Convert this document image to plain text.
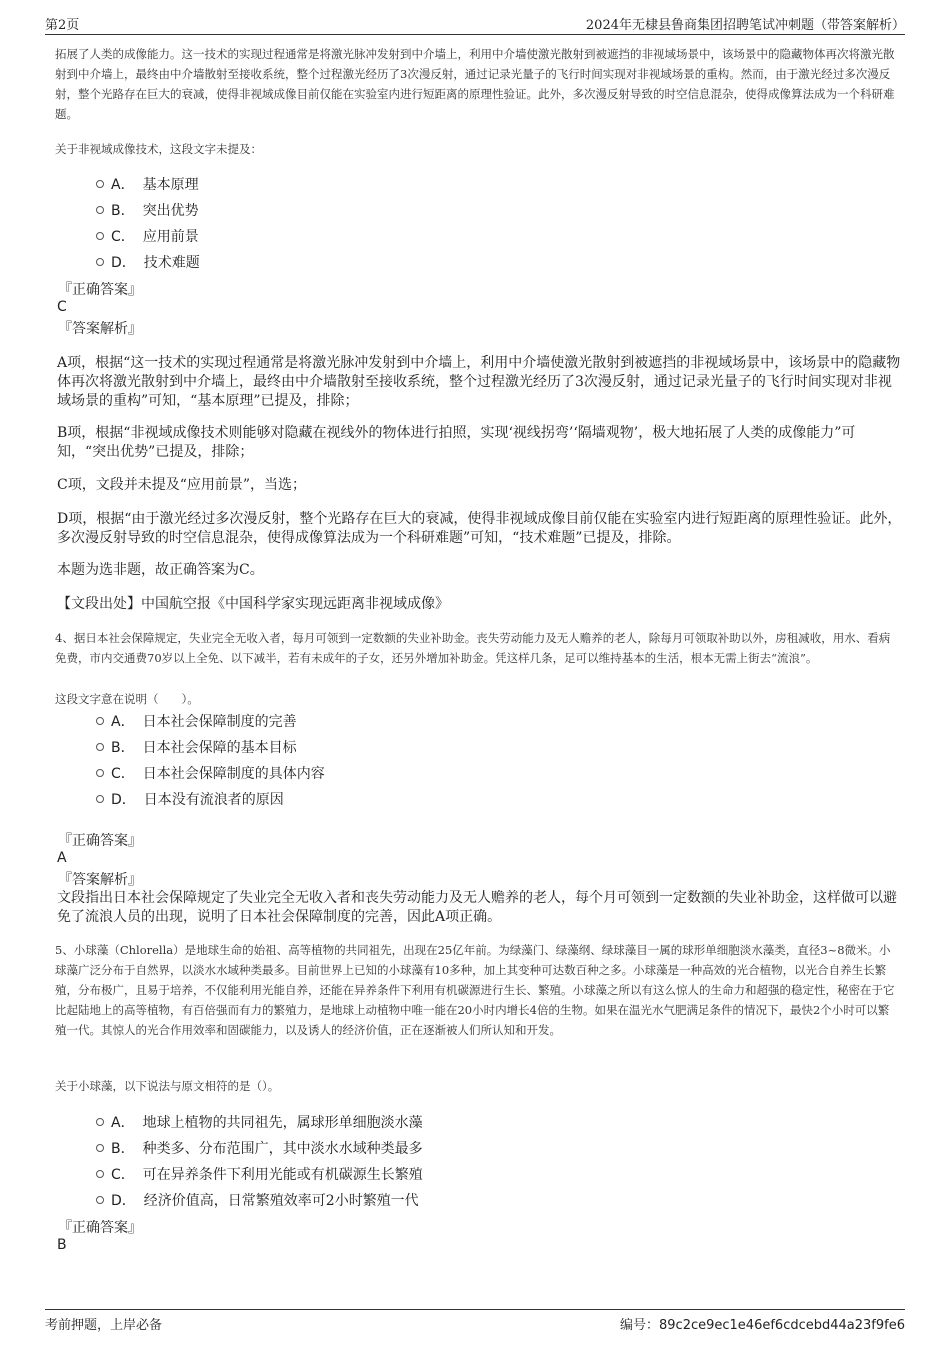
第2页	2024年无棣县鲁商集团招聘笔试冲刺题（带答案解析）
拓展了人类的成像能力。这一技术的实现过程通常是将激光脉冲发射到中介墙上，利用中介墙使激光散射到被遮挡的非视域场景中，该场景中的隐藏物体再次将激光散射到中介墙上，最终由中介墙散射至接收系统，整个过程激光经历了3次漫反射，通过记录光量子的飞行时间实现对非视域场景的重构。然而，由于激光经过多次漫反射，整个光路存在巨大的衰减，使得非视域成像目前仅能在实验室内进行短距离的原理性验证。此外，多次漫反射导致的时空信息混杂，使得成像算法成为一个科研难题。
关于非视域成像技术，这段文字未提及：
A． 基本原理
B． 突出优势
C． 应用前景
D． 技术难题
『正确答案』
C
『答案解析』
A项，根据“这一技术的实现过程通常是将激光脉冲发射到中介墙上，利用中介墙使激光散射到被遮挡的非视域场景中，该场景中的隐藏物体再次将激光散射到中介墙上，最终由中介墙散射至接收系统，整个过程激光经历了3次漫反射，通过记录光量子的飞行时间实现对非视域场景的重构”可知，“基本原理”已提及，排除；
B项，根据“非视域成像技术则能够对隐藏在视线外的物体进行拍照，实现‘视线拐弯’‘隔墙观物’，极大地拓展了人类的成像能力”可知，“突出优势”已提及，排除；
C项，文段并未提及“应用前景”，当选；
D项，根据“由于激光经过多次漫反射，整个光路存在巨大的衰减，使得非视域成像目前仅能在实验室内进行短距离的原理性验证。此外，多次漫反射导致的时空信息混杂，使得成像算法成为一个科研难题”可知，“技术难题”已提及，排除。
本题为选非题，故正确答案为C。
【文段出处】中国航空报《中国科学家实现远距离非视域成像》
4、据日本社会保障规定，失业完全无收入者，每月可领到一定数额的失业补助金。丧失劳动能力及无人赡养的老人，除每月可领取补助以外，房租减收，用水、看病免费，市内交通费70岁以上全免、以下减半，若有未成年的子女，还另外增加补助金。凭这样几条，足可以维持基本的生活，根本无需上街去“流浪”。
这段文字意在说明（　　）。
A． 日本社会保障制度的完善
B． 日本社会保障的基本目标
C． 日本社会保障制度的具体内容
D． 日本没有流浪者的原因
『正确答案』
A
『答案解析』
文段指出日本社会保障规定了失业完全无收入者和丧失劳动能力及无人赡养的老人，每个月可领到一定数额的失业补助金，这样做可以避免了流浪人员的出现，说明了日本社会保障制度的完善，因此A项正确。
5、小球藻（Chlorella）是地球生命的始祖、高等植物的共同祖先，出现在25亿年前。为绿藻门、绿藻纲、绿球藻目一属的球形单细胞淡水藻类，直径3~8微米。小球藻广泛分布于自然界，以淡水水域种类最多。目前世界上已知的小球藻有10多种，加上其变种可达数百种之多。小球藻是一种高效的光合植物，以光合自养生长繁殖，分布极广，且易于培养，不仅能利用光能自养，还能在异养条件下利用有机碳源进行生长、繁殖。小球藻之所以有这么惊人的生命力和超强的稳定性，秘密在于它比起陆地上的高等植物，有百倍强而有力的繁殖力，是地球上动植物中唯一能在20小时内增长4倍的生物。如果在温光水气肥满足条件的情况下，最快2个小时可以繁殖一代。其惊人的光合作用效率和固碳能力，以及诱人的经济价值，正在逐渐被人们所认知和开发。
关于小球藻，以下说法与原文相符的是（）。
A． 地球上植物的共同祖先，属球形单细胞淡水藻
B． 种类多、分布范围广，其中淡水水域种类最多
C． 可在异养条件下利用光能或有机碳源生长繁殖
D． 经济价值高，日常繁殖效率可2小时繁殖一代
『正确答案』
B
考前押题，上岸必备	编号：89c2ce9ec1e46ef6cdcebd44a23f9fe6
